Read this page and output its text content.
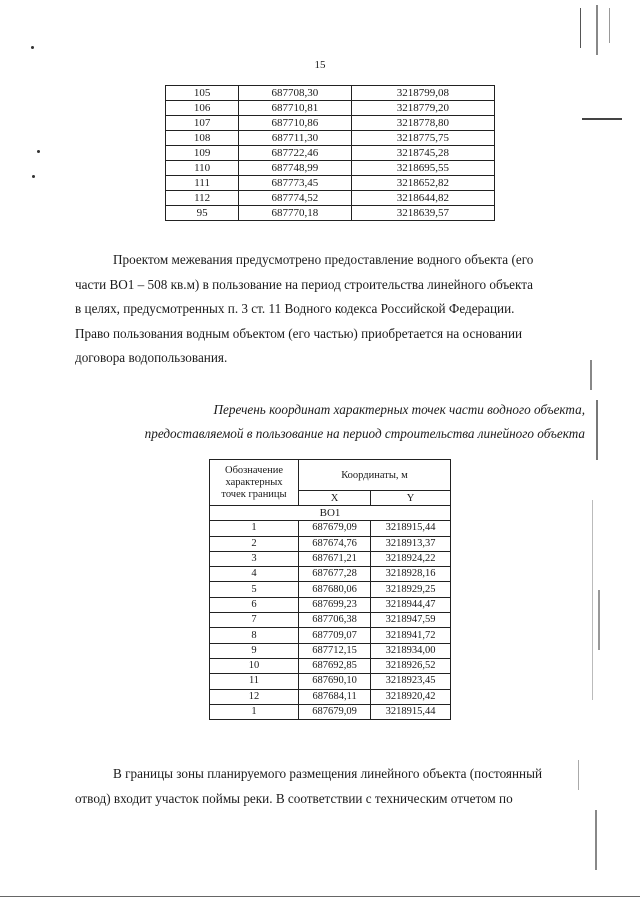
15
105	687708,30	3218799,08
106	687710,81	3218779,20
107	687710,86	3218778,80
108	687711,30	3218775,75
109	687722,46	3218745,28
110	687748,99	3218695,55
111	687773,45	3218652,82
112	687774,52	3218644,82
95	687770,18	3218639,57
Проектом межевания предусмотрено предоставление водного объекта (его
части ВО1 – 508 кв.м) в пользование на период строительства линейного объекта
в целях, предусмотренных п. 3 ст. 11 Водного кодекса Российской Федерации.
Право пользования водным объектом (его частью) приобретается на основании
договора водопользования.
Перечень координат характерных точек части водного объекта,
предоставляемой в пользование на период строительства линейного объекта
Обозначение характерных точек границы	Координаты, м	
	X	Y
ВО1		
1	687679,09	3218915,44
2	687674,76	3218913,37
3	687671,21	3218924,22
4	687677,28	3218928,16
5	687680,06	3218929,25
6	687699,23	3218944,47
7	687706,38	3218947,59
8	687709,07	3218941,72
9	687712,15	3218934,00
10	687692,85	3218926,52
11	687690,10	3218923,45
12	687684,11	3218920,42
1	687679,09	3218915,44
В границы зоны планируемого размещения линейного объекта (постоянный
отвод) входит участок поймы реки. В соответствии с техническим отчетом по
